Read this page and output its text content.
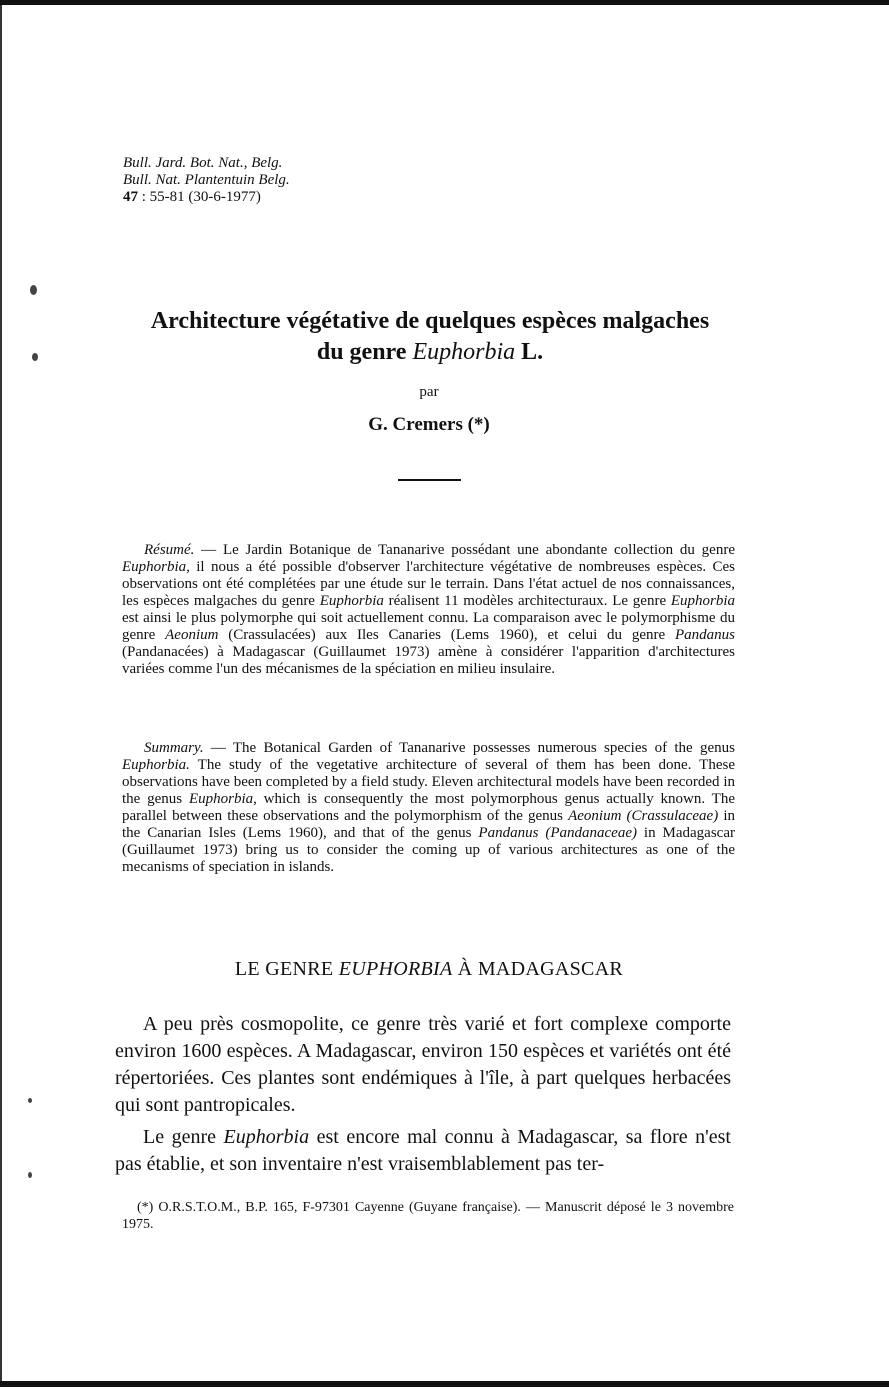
Bull. Jard. Bot. Nat., Belg.
Bull. Nat. Plantentuin Belg.
47 : 55-81 (30-6-1977)
Architecture végétative de quelques espèces malgaches
du genre Euphorbia L.
par
G. Cremers (*)

Résumé. — Le Jardin Botanique de Tananarive possédant une abondante collection du genre Euphorbia, il nous a été possible d'observer l'architecture végétative de nombreuses espèces. Ces observations ont été complétées par une étude sur le terrain. Dans l'état actuel de nos connaissances, les espèces malgaches du genre Euphorbia réalisent 11 modèles architecturaux. Le genre Euphorbia est ainsi le plus polymorphe qui soit actuellement connu. La comparaison avec le polymorphisme du genre Aeonium (Crassulacées) aux Iles Canaries (Lems 1960), et celui du genre Pandanus (Pandanacées) à Madagascar (Guillaumet 1973) amène à considérer l'apparition d'architectures variées comme l'un des mécanismes de la spéciation en milieu insulaire.

Summary. — The Botanical Garden of Tananarive possesses numerous species of the genus Euphorbia. The study of the vegetative architecture of several of them has been done. These observations have been completed by a field study. Eleven architectural models have been recorded in the genus Euphorbia, which is consequently the most polymorphous genus actually known. The parallel between these observations and the polymorphism of the genus Aeonium (Crassulaceae) in the Canarian Isles (Lems 1960), and that of the genus Pandanus (Pandanaceae) in Madagascar (Guillaumet 1973) bring us to consider the coming up of various architectures as one of the mecanisms of speciation in islands.

LE GENRE EUPHORBIA À MADAGASCAR

A peu près cosmopolite, ce genre très varié et fort complexe comporte environ 1600 espèces. A Madagascar, environ 150 espèces et variétés ont été répertoriées. Ces plantes sont endémiques à l'île, à part quelques herbacées qui sont pantropicales.

Le genre Euphorbia est encore mal connu à Madagascar, sa flore n'est pas établie, et son inventaire n'est vraisemblablement pas ter-

(*) O.R.S.T.O.M., B.P. 165, F-97301 Cayenne (Guyane française). — Manuscrit déposé le 3 novembre 1975.
